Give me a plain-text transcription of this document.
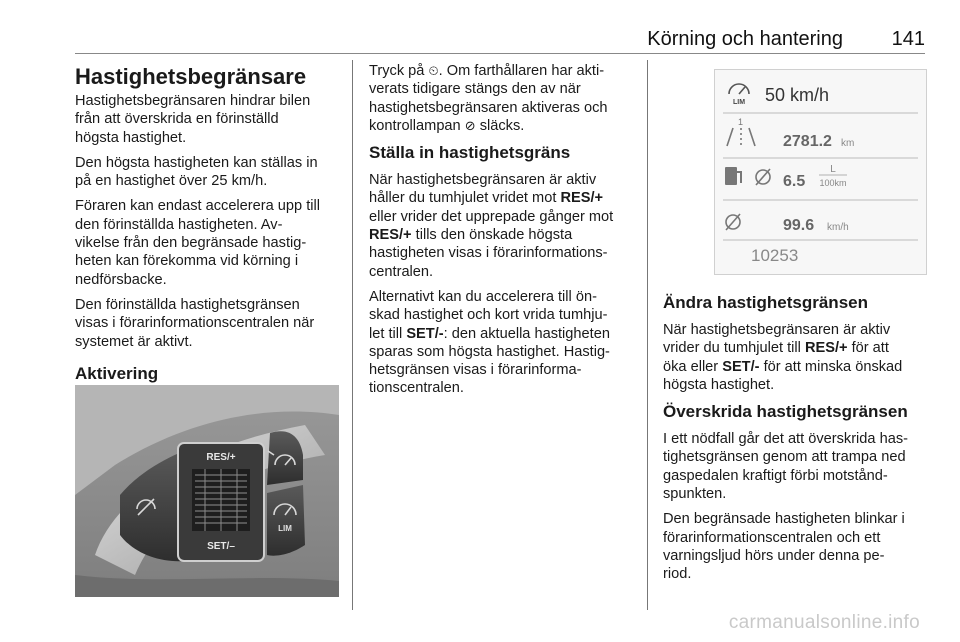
Körning och hantering 141
Hastighetsbegränsare

Hastighetsbegränsaren hindrar bilen
från att överskrida en förinställd
högsta hastighet.

Den högsta hastigheten kan ställas in
på en hastighet över 25 km/h.

Föraren kan endast accelerera upp till
den förinställda hastigheten. Av-
vikelse från den begränsade hastig-
heten kan förekomma vid körning i
nedförsbacke.

Den förinställda hastighetsgränsen
visas i förarinformationscentralen när
systemet är aktivt.

Aktivering
RES/+
SET/–
LIM

Tryck på ⏲. Om farthållaren har akti-
verats tidigare stängs den av när
hastighetsbegränsaren aktiveras och
kontrollampan ⊘ släcks.

Ställa in hastighetsgräns

När hastighetsbegränsaren är aktiv
håller du tumhjulet vridet mot RES/+
eller vrider det upprepade gånger mot
RES/+ tills den önskade högsta
hastigheten visas i förarinformations-
centralen.

Alternativt kan du accelerera till ön-
skad hastighet och kort vrida tumhju-
let till SET/-: den aktuella hastigheten
sparas som högsta hastighet. Hastig-
hetsgränsen visas i förarinforma-
tionscentralen.

LIM 50 km/h
1
2781.2 km
6.5
L
100km
99.6 km/h
10253
Ändra hastighetsgränsen

När hastighetsbegränsaren är aktiv
vrider du tumhjulet till RES/+ för att
öka eller SET/- för att minska önskad
högsta hastighet.

Överskrida hastighetsgränsen

I ett nödfall går det att överskrida has-
tighetsgränsen genom att trampa ned
gaspedalen kraftigt förbi motstånd-
spunkten.

Den begränsade hastigheten blinkar i
förarinformationscentralen och ett
varningsljud hörs under denna pe-
riod.

carmanualsonline.info
